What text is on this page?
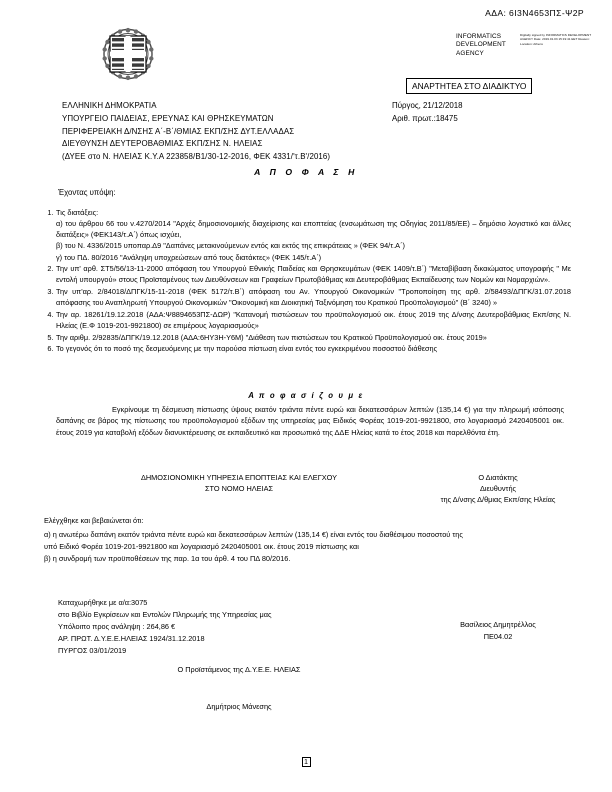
ΑΔΑ: 6Ι3Ν4653ΠΣ-Ψ2Ρ
INFORMATICS DEVELOPMENT AGENCY
Digitally signed by INFORMATICS DEVELOPMENT AGENCY Date: 2019.01.03 15:19:41 EET Reason: Location: Athens
ΑΝΑΡΤΗΤΕΑ ΣΤΟ ΔΙΑΔΙΚΤΥΟ
ΕΛΛΗΝΙΚΗ ΔΗΜΟΚΡΑΤΙΑ
ΥΠΟΥΡΓΕΙΟ ΠΑΙΔΕΙΑΣ, ΕΡΕΥΝΑΣ ΚΑΙ ΘΡΗΣΚΕΥΜΑΤΩΝ
ΠΕΡΙΦΕΡΕΙΑΚΗ Δ/ΝΣΗΣ Α΄-Β΄/ΘΜΙΑΣ ΕΚΠ/ΣΗΣ ΔΥΤ.ΕΛΛΑΔΑΣ
ΔΙΕΥΘΥΝΣΗ ΔΕΥΤΕΡΟΒΑΘΜΙΑΣ ΕΚΠ/ΣΗΣ Ν. ΗΛΕΙΑΣ
(ΔΥΕΕ στο Ν. ΗΛΕΙΑΣ Κ.Υ.Α 223858/Β1/30-12-2016, ΦΕΚ 4331/'τ.Β'/2016)
Πύργος, 21/12/2018
Αριθ. πρωτ.:18475
Α Π Ο Φ Α Σ Η
Έχοντας υπόψη:
1. Τις διατάξεις:
α) του άρθρου 66 του ν.4270/2014 "Αρχές δημοσιονομικής διαχείρισης και εποπτείας (ενσωμάτωση της Οδηγίας 2011/85/ΕΕ) – δημόσιο λογιστικό και άλλες διατάξεις» (ΦΕΚ143/τ.Α΄) όπως ισχύει,
β) του Ν. 4336/2015 υποπαρ.Δ9 "Δαπάνες μετακινούμενων εντός και εκτός της επικράτειας » (ΦΕΚ 94/τ.Α΄)
γ) του ΠΔ. 80/2016 "Ανάληψη υποχρεώσεων από τους διατάκτες» (ΦΕΚ 145/τ.Α΄)
2. Την υπ' αρθ. ΣΤ5/56/13-11-2000 απόφαση του Υπουργού Εθνικής Παιδείας και Θρησκευμάτων (ΦΕΚ 1409/τ.Β΄) "Μεταβίβαση δικαιώματος υπογραφής " Με εντολή υπουργού» στους Προϊσταμένους των Διευθύνσεων και Γραφείων Πρωτοβάθμιας και Δευτεροβάθμιας Εκπαίδευσης των Νομών και Νομαρχιών».
3. Την υπ'αρ. 2/84018/ΔΠΓΚ/15-11-2018 (ΦΕΚ 5172/τ.Β΄) απόφαση του Αν. Υπουργού Οικονομικών "Τροποποίηση της αρθ. 2/58493/ΔΠΓΚ/31.07.2018 απόφασης του Αναπληρωτή Υπουργού Οικονομικών "Οικονομική και Διοικητική Ταξινόμηση του Κρατικού Προϋπολογισμού" (Β΄ 3240) »
4. Την αρ. 18261/19.12.2018 (ΑΔΑ:Ψ8894653ΠΣ-ΔΩΡ) "Κατανομή πιστώσεων του προϋπολογισμού οικ. έτους 2019 της Δ/νσης Δευτεροβάθμιας Εκπ/σης Ν. Ηλείας (Ε.Φ 1019-201-9921800) σε επιμέρους λογαριασμούς»
5. Την αριθμ. 2/92835/ΔΠΓΚ/19.12.2018 (ΑΔΑ:6ΗΥ3Η-Υ6Μ) "Διάθεση των πιστώσεων του Κρατικού Προϋπολογισμού οικ. έτους 2019»
6. Το γεγονός ότι το ποσό της δεσμευόμενης με την παρούσα πίστωση είναι εντός του εγκεκριμένου ποσοστού διάθεσης
Α π ο φ α σ ί ζ ο υ μ ε
Εγκρίνουμε τη δέσμευση πίστωσης ύψους εκατόν τριάντα πέντε ευρώ και δεκατεσσάρων λεπτών (135,14 €) για την πληρωμή ισόποσης δαπάνης σε βάρος της πίστωσης του προϋπολογισμού εξόδων της υπηρεσίας μας Ειδικός Φορέας 1019-201-9921800, στο λογαριασμό 2420405001 οικ. έτους 2019 για καταβολή εξόδων διανυκτέρευσης σε εκπαιδευτικό και προσωπικό της ΔΔΕ Ηλείας κατά το έτος 2018 και παρελθόντα έτη.
ΔΗΜΟΣΙΟΝΟΜΙΚΗ ΥΠΗΡΕΣΙΑ ΕΠΟΠΤΕΙΑΣ ΚΑΙ ΕΛΕΓΧΟΥ
ΣΤΟ ΝΟΜΟ ΗΛΕΙΑΣ
Ο Διατάκτης
Διευθυντής
της Δ/νσης Δ/θμιας Εκπ/σης Ηλείας
Ελέγχθηκε και βεβαιώνεται ότι:
α) η ανωτέρω δαπάνη εκατόν τριάντα πέντε ευρώ και δεκατεσσάρων λεπτών (135,14 €) είναι εντός του διαθέσιμου ποσοστού της υπό Ειδικό Φορέα 1019-201-9921800 και λογαριασμό 2420405001 οικ. έτους 2019 πίστωσης και
β) η συνδρομή των προϋποθέσεων της παρ. 1α του άρθ. 4 του ΠΔ 80/2016.
Καταχωρήθηκε με α/α:3075
στο Βιβλίο Εγκρίσεων και Εντολών Πληρωμής της Υπηρεσίας μας
Υπόλοιπο προς ανάληψη : 264,86 €
ΑΡ. ΠΡΩΤ. Δ.Υ.Ε.Ε.ΗΛΕΙΑΣ 1924/31.12.2018
ΠΥΡΓΟΣ 03/01/2019
Βασίλειος Δημητρέλλος
ΠΕ04.02
Ο Προϊστάμενος της Δ.Υ.Ε.Ε. ΗΛΕΙΑΣ
Δημήτριος Μάνεσης
1
